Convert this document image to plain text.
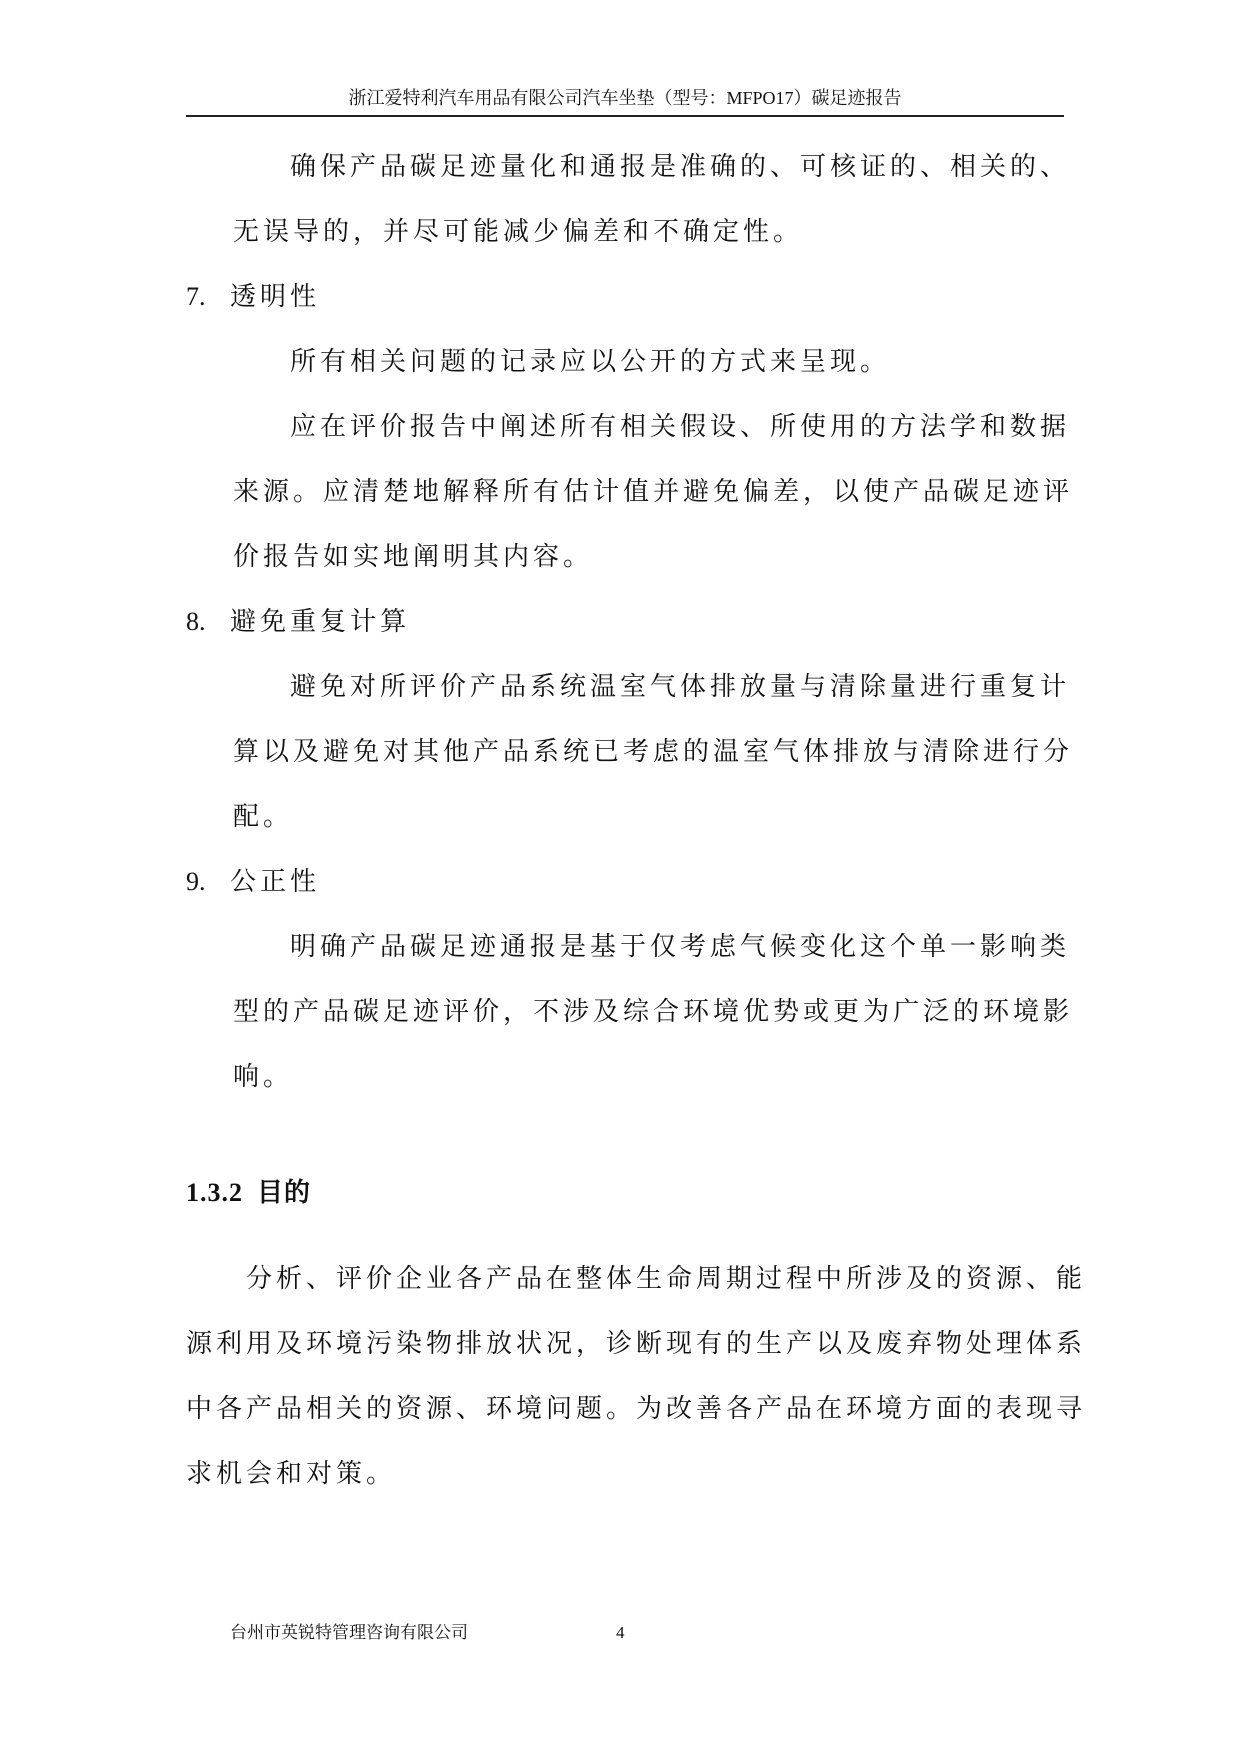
浙江爱特利汽车用品有限公司汽车坐垫（型号：MFPO17）碳足迹报告
确保产品碳足迹量化和通报是准确的、可核证的、相关的、
无误导的，并尽可能减少偏差和不确定性。
7. 透明性
所有相关问题的记录应以公开的方式来呈现。
应在评价报告中阐述所有相关假设、所使用的方法学和数据
来源。应清楚地解释所有估计值并避免偏差，以使产品碳足迹评
价报告如实地阐明其内容。
8. 避免重复计算
避免对所评价产品系统温室气体排放量与清除量进行重复计
算以及避免对其他产品系统已考虑的温室气体排放与清除进行分
配。
9. 公正性
明确产品碳足迹通报是基于仅考虑气候变化这个单一影响类
型的产品碳足迹评价，不涉及综合环境优势或更为广泛的环境影
响。
1.3.2 目的
分析、评价企业各产品在整体生命周期过程中所涉及的资源、能
源利用及环境污染物排放状况，诊断现有的生产以及废弃物处理体系
中各产品相关的资源、环境问题。为改善各产品在环境方面的表现寻
求机会和对策。
台州市英锐特管理咨询有限公司	4
